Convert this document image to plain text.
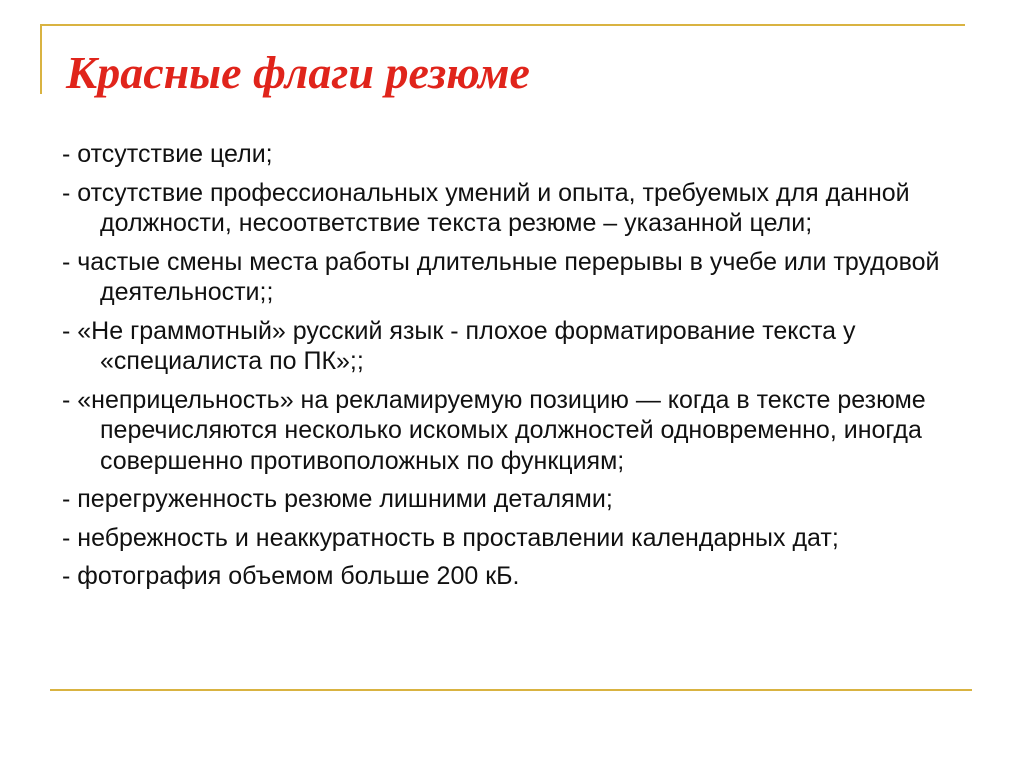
Красные флаги резюме
- отсутствие цели;
- отсутствие профессиональных умений и опыта, требуемых для данной должности, несоответствие текста резюме – указанной цели;
- частые смены места работы длительные перерывы в учебе или трудовой деятельности;;
- «Не граммотный» русский язык - плохое форматирование текста у «специалиста по ПК»;;
- «неприцельность» на рекламируемую позицию — когда в тексте резюме перечисляются несколько искомых должностей одновременно, иногда совершенно противоположных по функциям;
- перегруженность резюме лишними деталями;
- небрежность и неаккуратность в проставлении календарных дат;
- фотография объемом больше 200 кБ.
